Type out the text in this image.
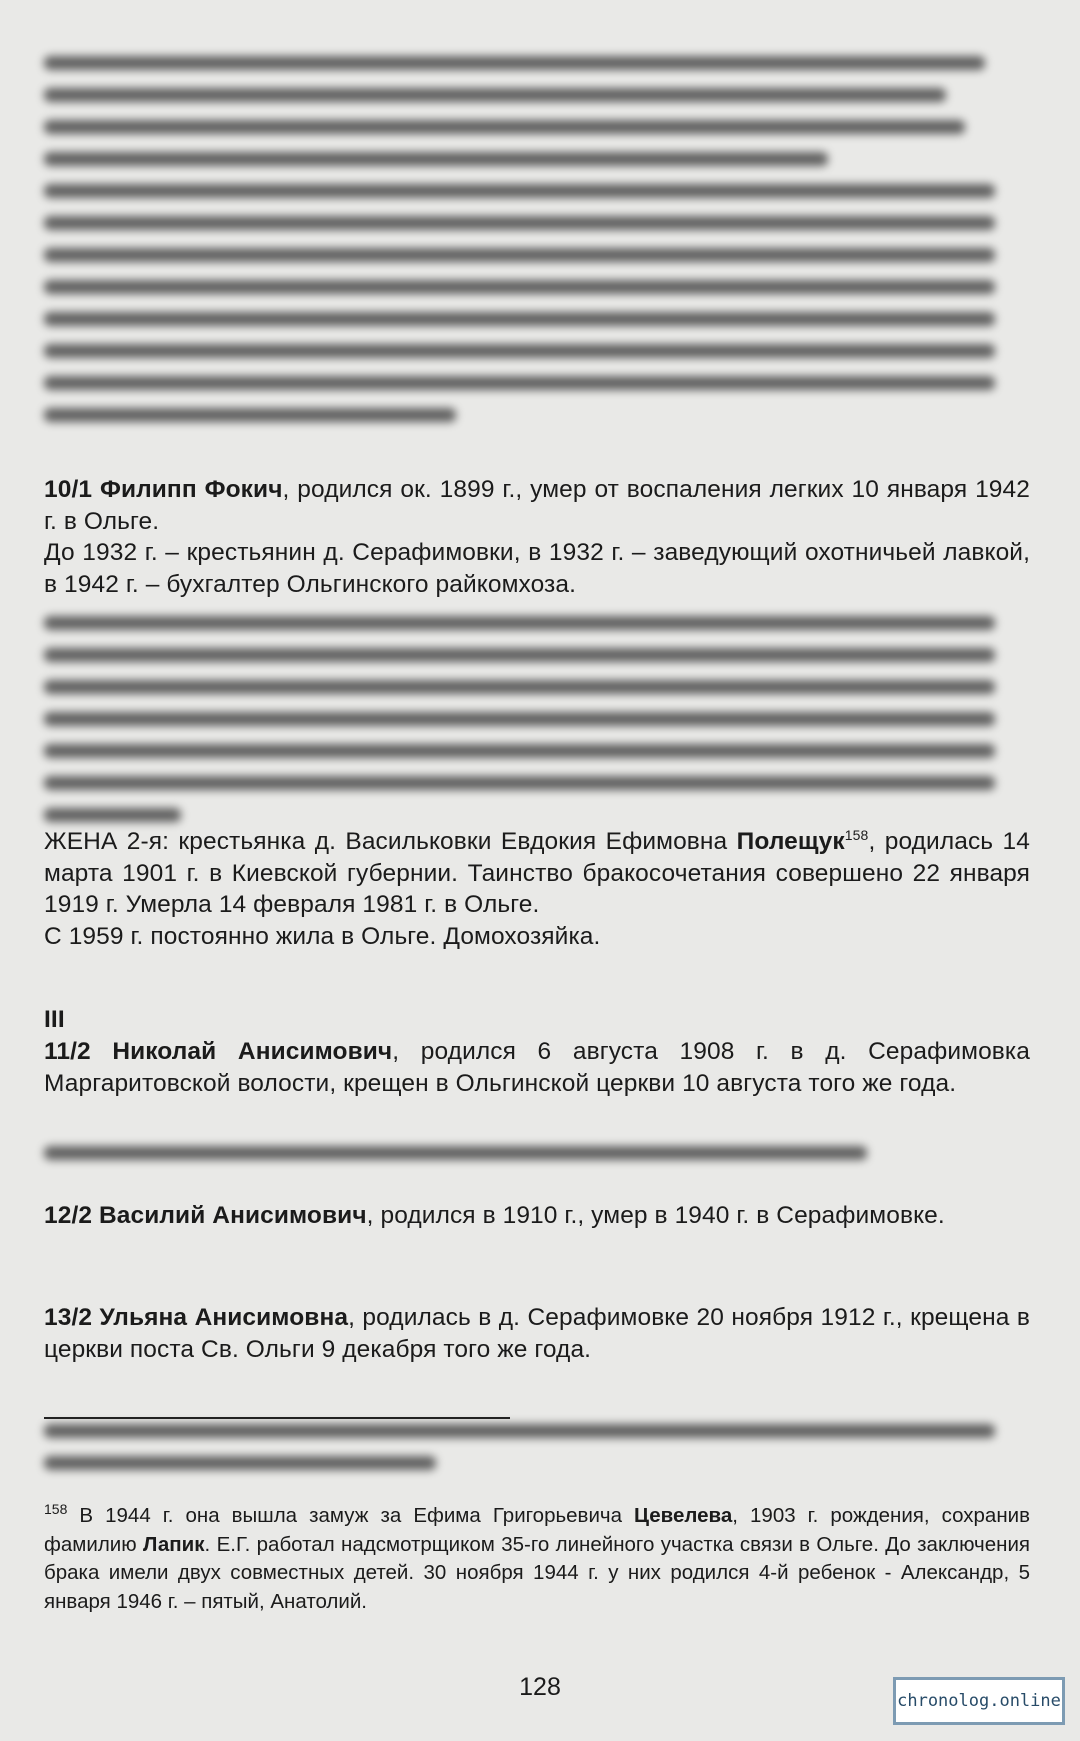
10/1 Филипп Фокич, родился ок. 1899 г., умер от воспаления легких 10 января 1942 г. в Ольге.
До 1932 г. – крестьянин д. Серафимовки, в 1932 г. – заведующий охотничьей лавкой, в 1942 г. – бухгалтер Ольгинского райкомхоза.
ЖЕНА 2-я: крестьянка д. Васильковки Евдокия Ефимовна Полещук$^{158}$, родилась 14 марта 1901 г. в Киевской губернии. Таинство бракосочетания совершено 22 января 1919 г. Умерла 14 февраля 1981 г. в Ольге.
С 1959 г. постоянно жила в Ольге. Домохозяйка.
III
11/2 Николай Анисимович, родился 6 августа 1908 г. в д. Серафимовка Маргаритовской волости, крещен в Ольгинской церкви 10 августа того же года.
12/2 Василий Анисимович, родился в 1910 г., умер в 1940 г. в Серафимовке.
13/2 Ульяна Анисимовна, родилась в д. Серафимовке 20 ноября 1912 г., крещена в церкви поста Св. Ольги 9 декабря того же года.
$^{158}$ В 1944 г. она вышла замуж за Ефима Григорьевича Цевелева, 1903 г. рождения, сохранив фамилию Лапик. Е.Г. работал надсмотрщиком 35-го линейного участка связи в Ольге. До заключения брака имели двух совместных детей. 30 ноября 1944 г. у них родился 4-й ребенок - Александр, 5 января 1946 г. – пятый, Анатолий.
128	chronolog.online
